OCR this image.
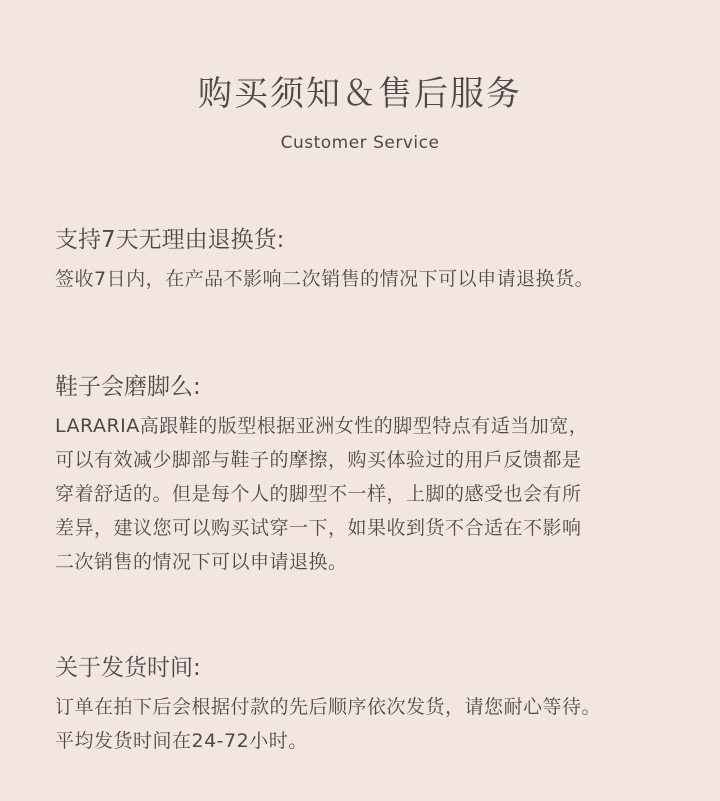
购买须知＆售后服务
Customer Service
支持7天无理由退换货:

签收7日内，在产品不影响二次销售的情况下可以申请退换货。

鞋子会磨脚么:

LARARIA高跟鞋的版型根据亚洲女性的脚型特点有适当加宽，
可以有效减少脚部与鞋子的摩擦，购买体验过的用戶反馈都是
穿着舒适的。但是每个人的脚型不一样，上脚的感受也会有所
差异，建议您可以购买试穿一下，如果收到货不合适在不影响
二次销售的情况下可以申请退换。

关于发货时间:

订单在拍下后会根据付款的先后顺序依次发货，请您耐心等待。
平均发货时间在24-72小时。
